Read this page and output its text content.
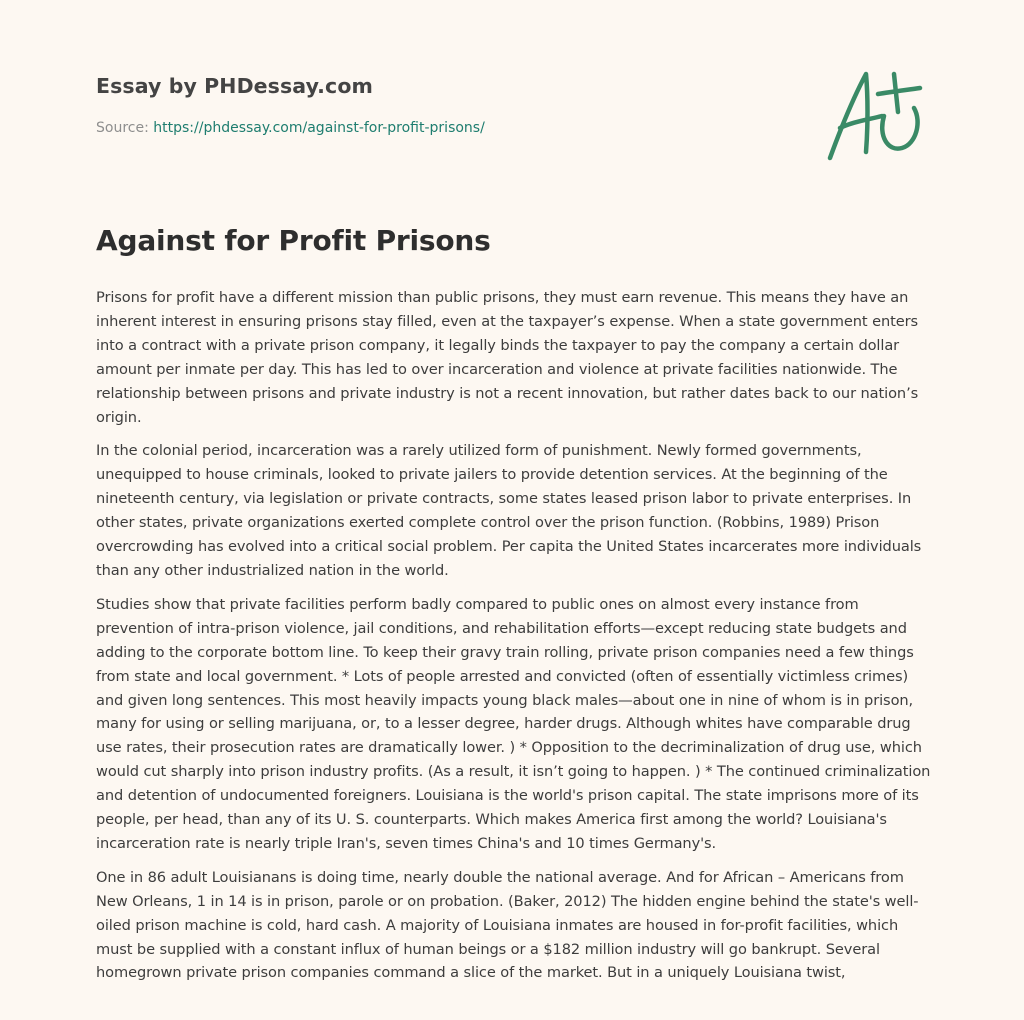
Essay by PHDessay.com
Source: https://phdessay.com/against-for-profit-prisons/
Against for Profit Prisons

Prisons for profit have a different mission than public prisons, they must earn revenue. This means they have an inherent interest in ensuring prisons stay filled, even at the taxpayer’s expense. When a state government enters into a contract with a private prison company, it legally binds the taxpayer to pay the company a certain dollar amount per inmate per day. This has led to over incarceration and violence at private facilities nationwide. The relationship between prisons and private industry is not a recent innovation, but rather dates back to our nation’s origin.

In the colonial period, incarceration was a rarely utilized form of punishment. Newly formed governments, unequipped to house criminals, looked to private jailers to provide detention services. At the beginning of the nineteenth century, via legislation or private contracts, some states leased prison labor to private enterprises. In other states, private organizations exerted complete control over the prison function. (Robbins, 1989) Prison overcrowding has evolved into a critical social problem. Per capita the United States incarcerates more individuals than any other industrialized nation in the world.

Studies show that private facilities perform badly compared to public ones on almost every instance from prevention of intra-prison violence, jail conditions, and rehabilitation efforts—except reducing state budgets and adding to the corporate bottom line. To keep their gravy train rolling, private prison companies need a few things from state and local government. * Lots of people arrested and convicted (often of essentially victimless crimes) and given long sentences. This most heavily impacts young black males—about one in nine of whom is in prison, many for using or selling marijuana, or, to a lesser degree, harder drugs. Although whites have comparable drug use rates, their prosecution rates are dramatically lower. ) * Opposition to the decriminalization of drug use, which would cut sharply into prison industry profits. (As a result, it isn’t going to happen. ) * The continued criminalization and detention of undocumented foreigners. Louisiana is the world's prison capital. The state imprisons more of its people, per head, than any of its U. S. counterparts. Which makes America first among the world? Louisiana's incarceration rate is nearly triple Iran's, seven times China's and 10 times Germany's.

One in 86 adult Louisianans is doing time, nearly double the national average. And for African – Americans from New Orleans, 1 in 14 is in prison, parole or on probation. (Baker, 2012) The hidden engine behind the state's well-oiled prison machine is cold, hard cash. A majority of Louisiana inmates are housed in for-profit facilities, which must be supplied with a constant influx of human beings or a $182 million industry will go bankrupt. Several homegrown private prison companies command a slice of the market. But in a uniquely Louisiana twist,
